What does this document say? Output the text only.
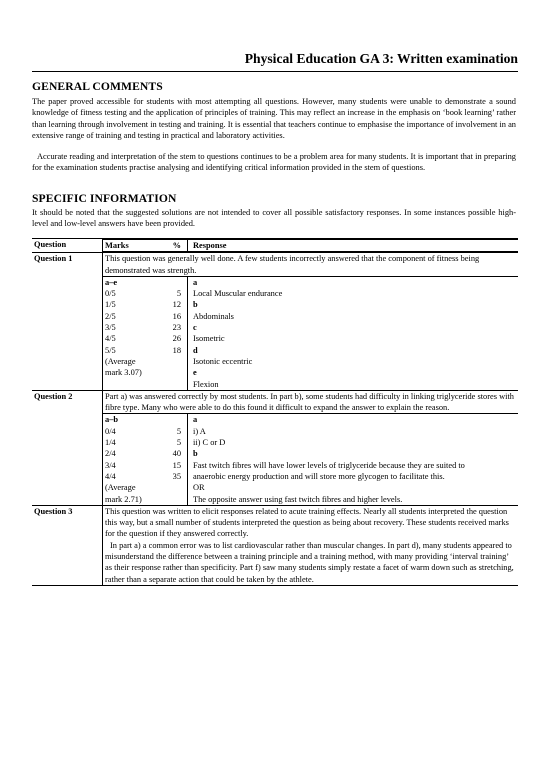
Physical Education GA 3: Written examination
GENERAL COMMENTS

The paper proved accessible for students with most attempting all questions. However, many students were unable to demonstrate a sound knowledge of fitness testing and the application of principles of training. This may reflect an increase in the emphasis on ‘book learning’ rather than learning through involvement in testing and training. It is essential that teachers continue to emphasise the importance of involvement in an extensive range of training and testing in practical and laboratory activities.

Accurate reading and interpretation of the stem to questions continues to be a problem area for many students. It is important that in preparing for the examination students practise analysing and identifying critical information provided in the stem of questions.

SPECIFIC INFORMATION

It should be noted that the suggested solutions are not intended to cover all possible satisfactory responses. In some instances possible high-level and low-level answers have been provided.

Question		Marks	%	Response

Question 1	This question was generally well done. A few students incorrectly answered that the component of fitness being demonstrated was strength.
a–e		a
0/5	5	Local Muscular endurance
1/5	12	b
2/5	16	Abdominals
3/5	23	c
4/5	26	Isometric
5/5	18	d
(Average		Isotonic eccentric
mark 3.07)		e
		Flexion

Question 2	Part a) was answered correctly by most students. In part b), some students had difficulty in linking triglyceride stores with fibre type. Many who were able to do this found it difficult to expand the answer to explain the reason.
a–b		a
0/4	5	i) A
1/4	5	ii) C or D
2/4	40	b
3/4	15	Fast twitch fibres will have lower levels of triglyceride because they are suited to
4/4	35	anaerobic energy production and will store more glycogen to facilitate this.
(Average		OR
mark 2.71)		The opposite answer using fast twitch fibres and higher levels.

Question 3	This question was written to elicit responses related to acute training effects. Nearly all students interpreted the question this way, but a small number of students interpreted the question as being about recovery. These students received marks for the question if they answered correctly.
In part a) a common error was to list cardiovascular rather than muscular changes. In part d), many students appeared to misunderstand the difference between a training principle and a training method, with many providing ‘interval training’ as their response rather than specificity. Part f) saw many students simply restate a facet of warm down such as stretching, rather than a separate action that could be taken by the athlete.
